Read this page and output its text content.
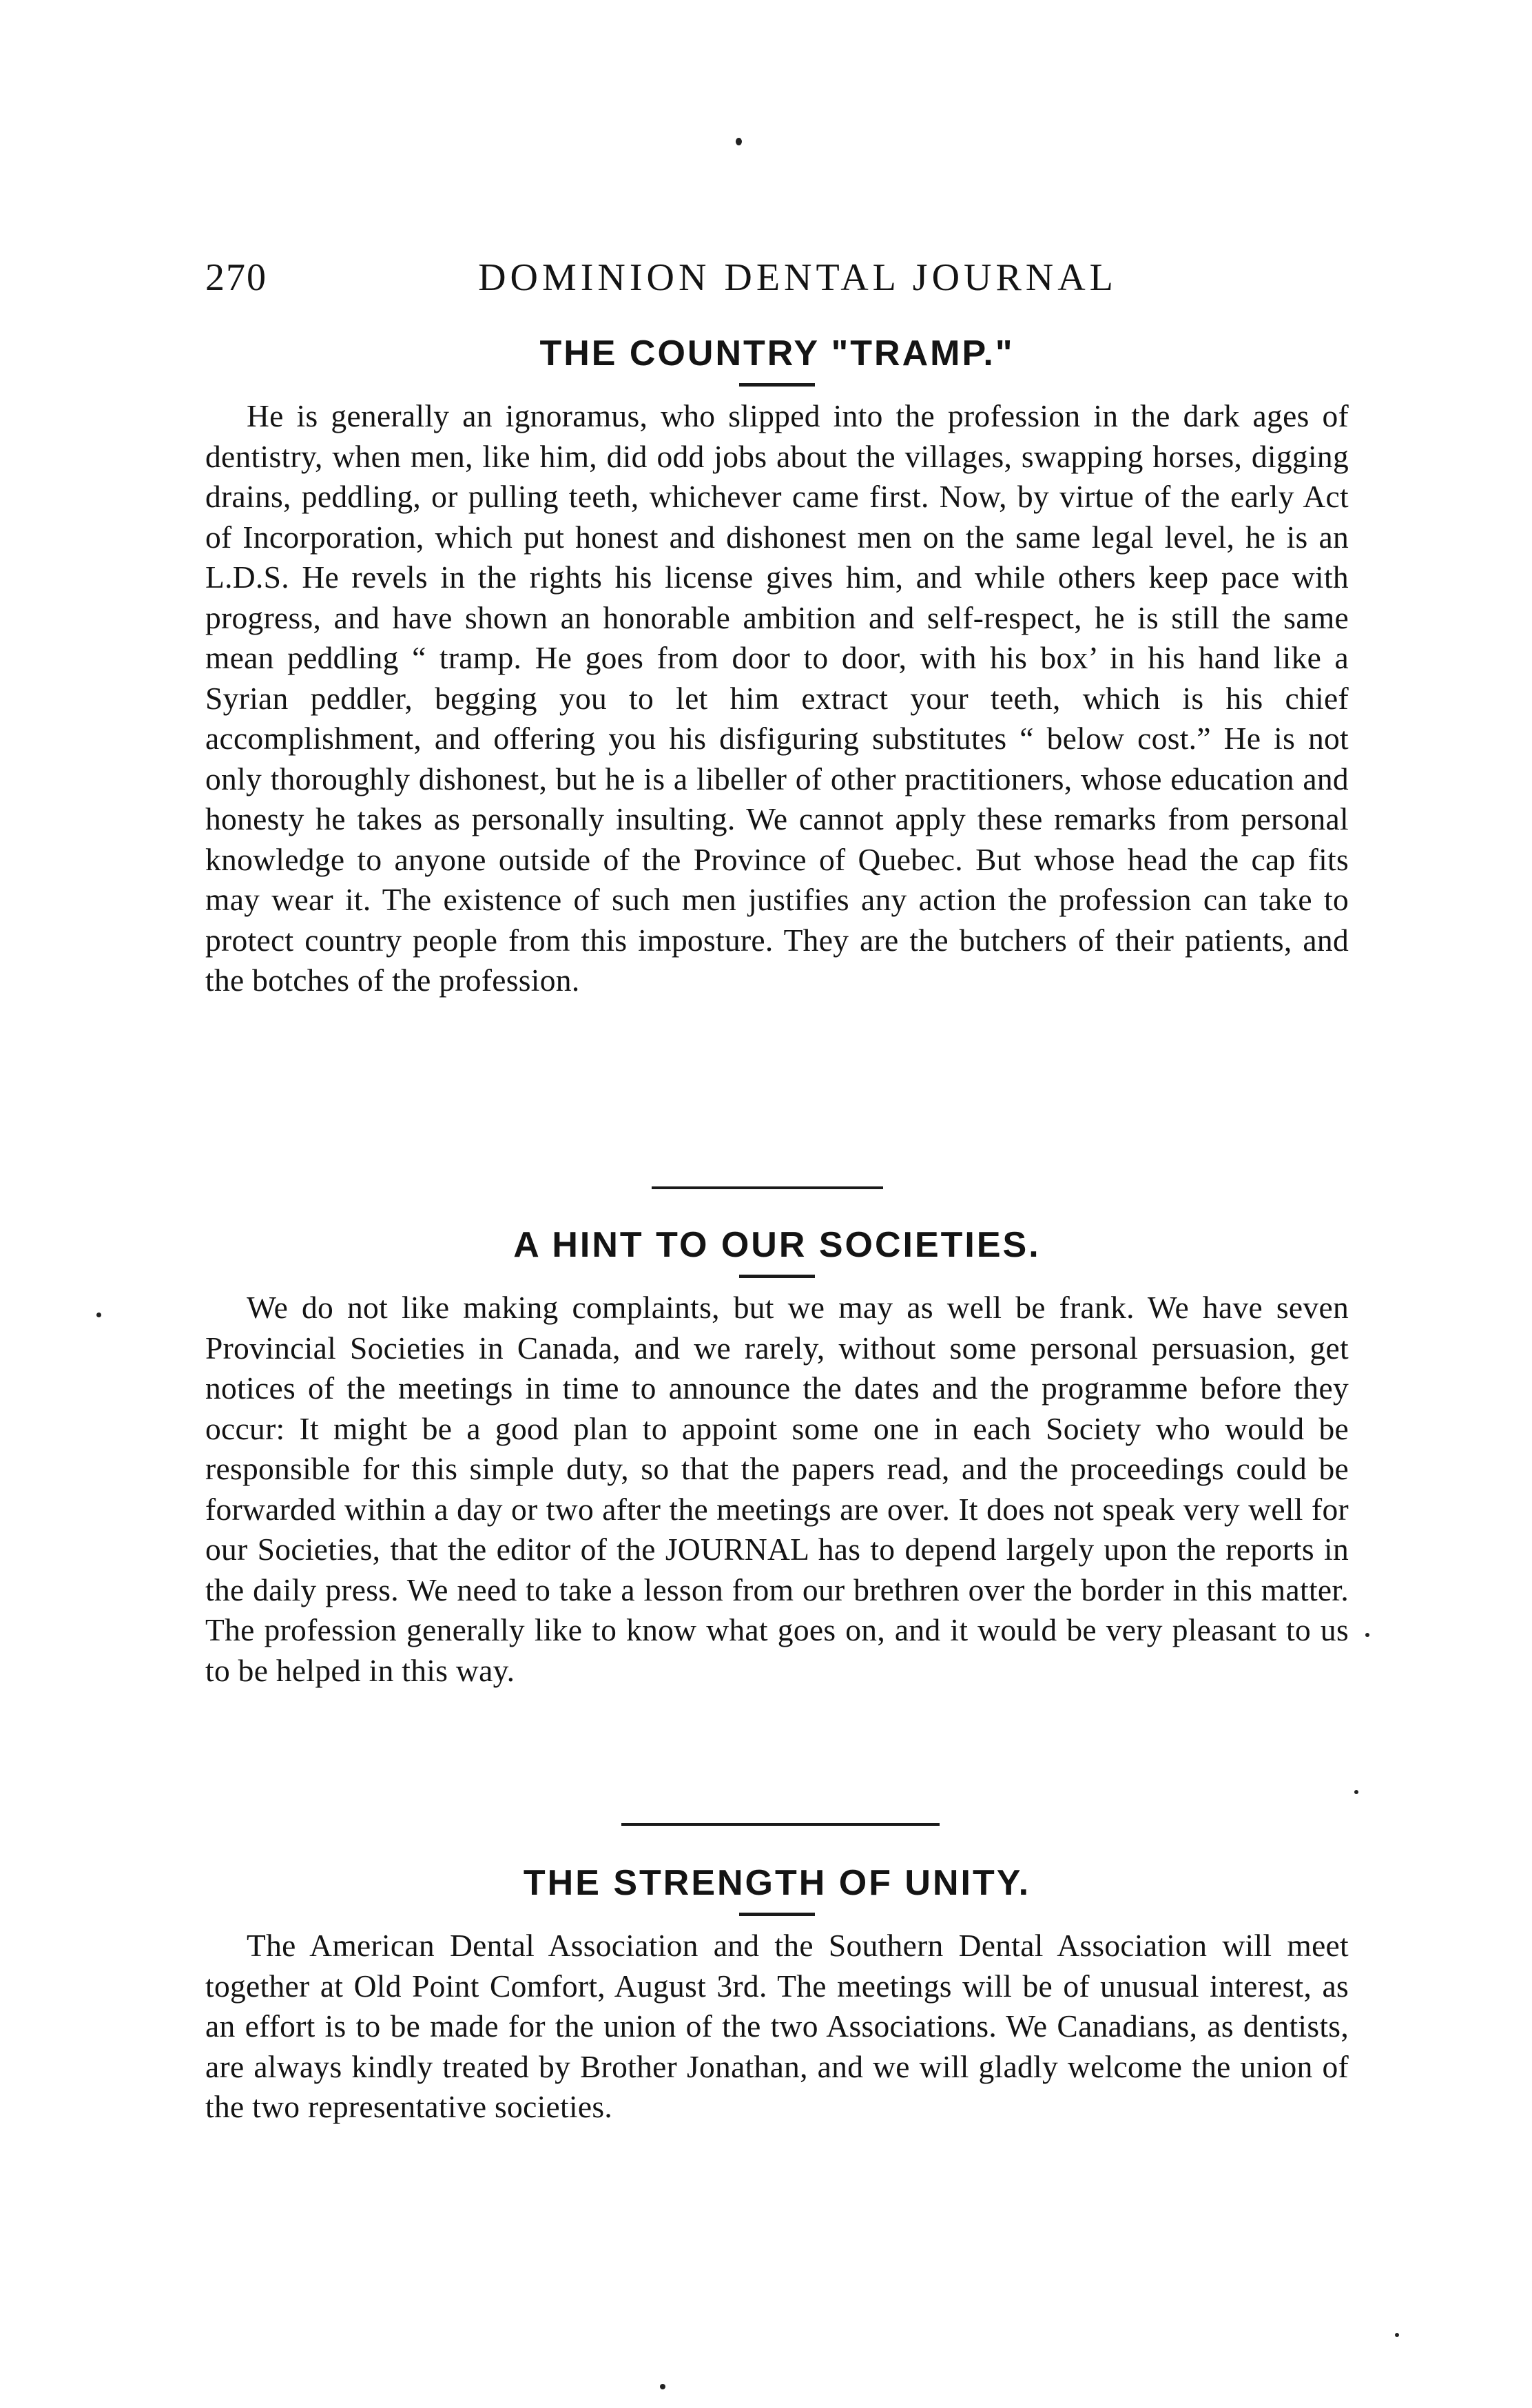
270	DOMINION DENTAL JOURNAL
THE COUNTRY "TRAMP."

He is generally an ignoramus, who slipped into the profession in the dark ages of dentistry, when men, like him, did odd jobs about the villages, swapping horses, digging drains, peddling, or pulling teeth, whichever came first. Now, by virtue of the early Act of Incorporation, which put honest and dishonest men on the same legal level, he is an L.D.S. He revels in the rights his license gives him, and while others keep pace with progress, and have shown an honorable ambition and self-respect, he is still the same mean peddling “ tramp. He goes from door to door, with his box’ in his hand like a Syrian peddler, begging you to let him extract your teeth, which is his chief accomplishment, and offering you his disfiguring substitutes “ below cost.” He is not only thoroughly dishonest, but he is a libeller of other practitioners, whose education and honesty he takes as personally insulting. We cannot apply these remarks from personal knowledge to anyone outside of the Province of Quebec. But whose head the cap fits may wear it. The existence of such men justifies any action the profession can take to protect country people from this imposture. They are the butchers of their patients, and the botches of the profession.

A HINT TO OUR SOCIETIES.

We do not like making complaints, but we may as well be frank. We have seven Provincial Societies in Canada, and we rarely, without some personal persuasion, get notices of the meetings in time to announce the dates and the programme before they occur: It might be a good plan to appoint some one in each Society who would be responsible for this simple duty, so that the papers read, and the proceedings could be forwarded within a day or two after the meetings are over. It does not speak very well for our Societies, that the editor of the JOURNAL has to depend largely upon the reports in the daily press. We need to take a lesson from our brethren over the border in this matter. The profession generally like to know what goes on, and it would be very pleasant to us to be helped in this way.

THE STRENGTH OF UNITY.

The American Dental Association and the Southern Dental Association will meet together at Old Point Comfort, August 3rd. The meetings will be of unusual interest, as an effort is to be made for the union of the two Associations. We Canadians, as dentists, are always kindly treated by Brother Jonathan, and we will gladly welcome the union of the two representative societies.
